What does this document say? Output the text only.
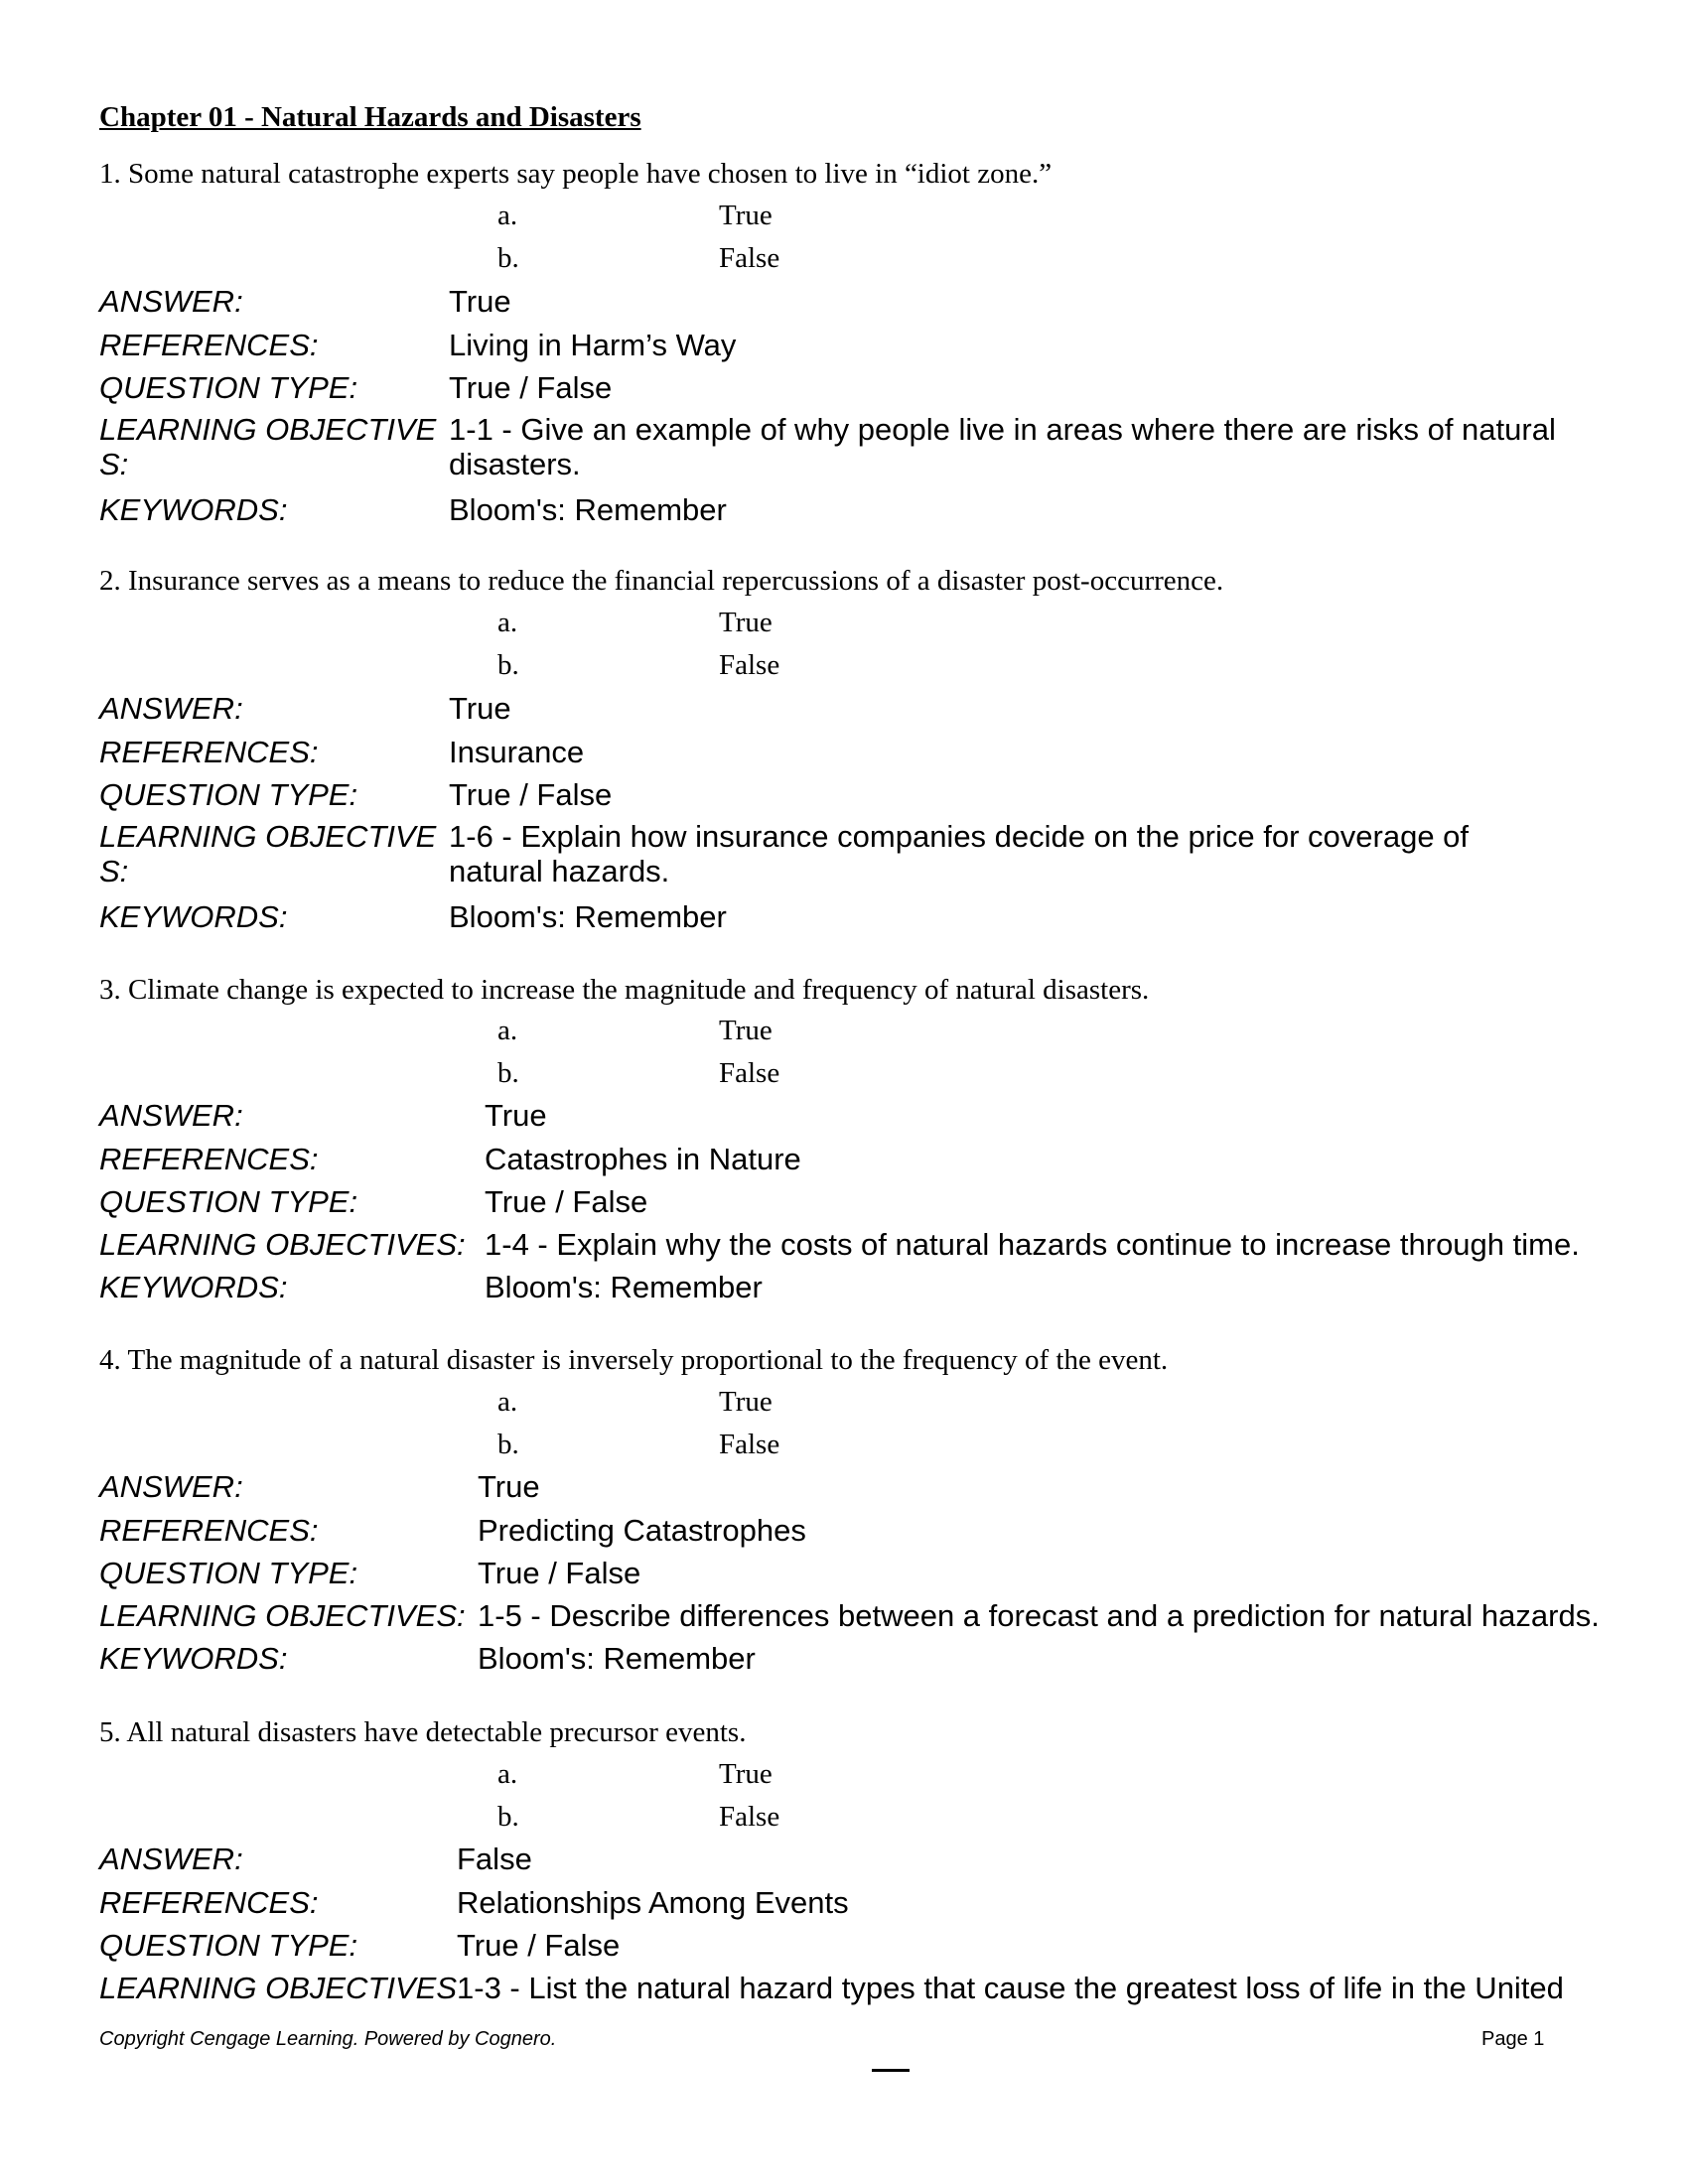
Chapter 01 - Natural Hazards and Disasters
1. Some natural catastrophe experts say people have chosen to live in “idiot zone.”
a.	True
b.	False
ANSWER:	True
REFERENCES:	Living in Harm’s Way
QUESTION TYPE:	True / False
LEARNING OBJECTIVE S:
1-1 - Give an example of why people live in areas where there are risks of natural disasters.
KEYWORDS:	Bloom's: Remember
2. Insurance serves as a means to reduce the financial repercussions of a disaster post-occurrence.
a.	True
b.	False
ANSWER:	True
REFERENCES:	Insurance
QUESTION TYPE:	True / False
LEARNING OBJECTIVE S:
1-6 - Explain how insurance companies decide on the price for coverage of natural hazards.
KEYWORDS:	Bloom's: Remember
3. Climate change is expected to increase the magnitude and frequency of natural disasters.
a.	True
b.	False
ANSWER:	True
REFERENCES:	Catastrophes in Nature
QUESTION TYPE:	True / False
LEARNING OBJECTIVES: 1-4 - Explain why the costs of natural hazards continue to increase through time.
KEYWORDS:	Bloom's: Remember
4. The magnitude of a natural disaster is inversely proportional to the frequency of the event.
a.	True
b.	False
ANSWER:	True
REFERENCES:	Predicting Catastrophes
QUESTION TYPE:	True / False
LEARNING OBJECTIVES: 1-5 - Describe differences between a forecast and a prediction for natural hazards.
KEYWORDS:	Bloom's: Remember
5. All natural disasters have detectable precursor events.
a.	True
b.	False
ANSWER:	False
REFERENCES:	Relationships Among Events
QUESTION TYPE:	True / False
LEARNING OBJECTIVES 1-3 - List the natural hazard types that cause the greatest loss of life in the United
Copyright Cengage Learning. Powered by Cognero.	Page 1
